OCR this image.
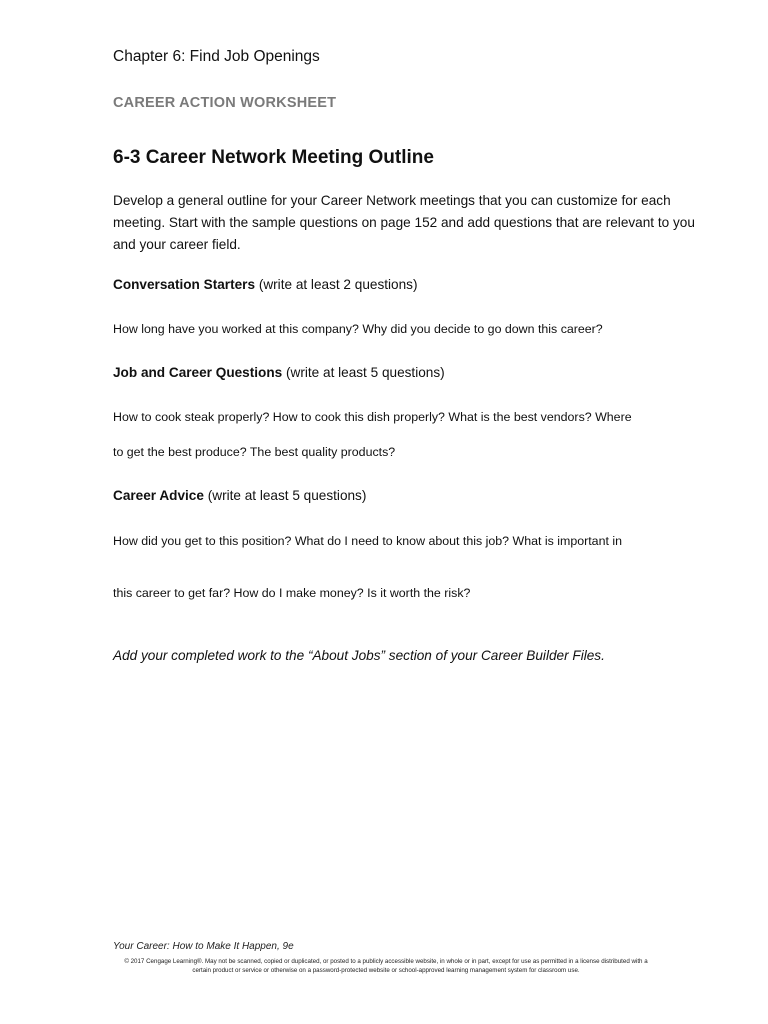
Chapter 6: Find Job Openings

CAREER ACTION WORKSHEET

6-3 Career Network Meeting Outline

Develop a general outline for your Career Network meetings that you can customize for each meeting. Start with the sample questions on page 152 and add questions that are relevant to you and your career field.

Conversation Starters (write at least 2 questions)

How long have you worked at this company? Why did you decide to go down this career?

Job and Career Questions (write at least 5 questions)

How to cook steak properly? How to cook this dish properly? What is the best vendors? Where

to get the best produce? The best quality products?

Career Advice (write at least 5 questions)

How did you get to this position? What do I need to know about this job? What is important in

this career to get far? How do I make money? Is it worth the risk?

Add your completed work to the “About Jobs” section of your Career Builder Files.

Your Career: How to Make It Happen, 9e

© 2017 Cengage Learning®. May not be scanned, copied or duplicated, or posted to a publicly accessible website, in whole or in part, except for use as permitted in a license distributed with a certain product or service or otherwise on a password-protected website or school-approved learning management system for classroom use.
